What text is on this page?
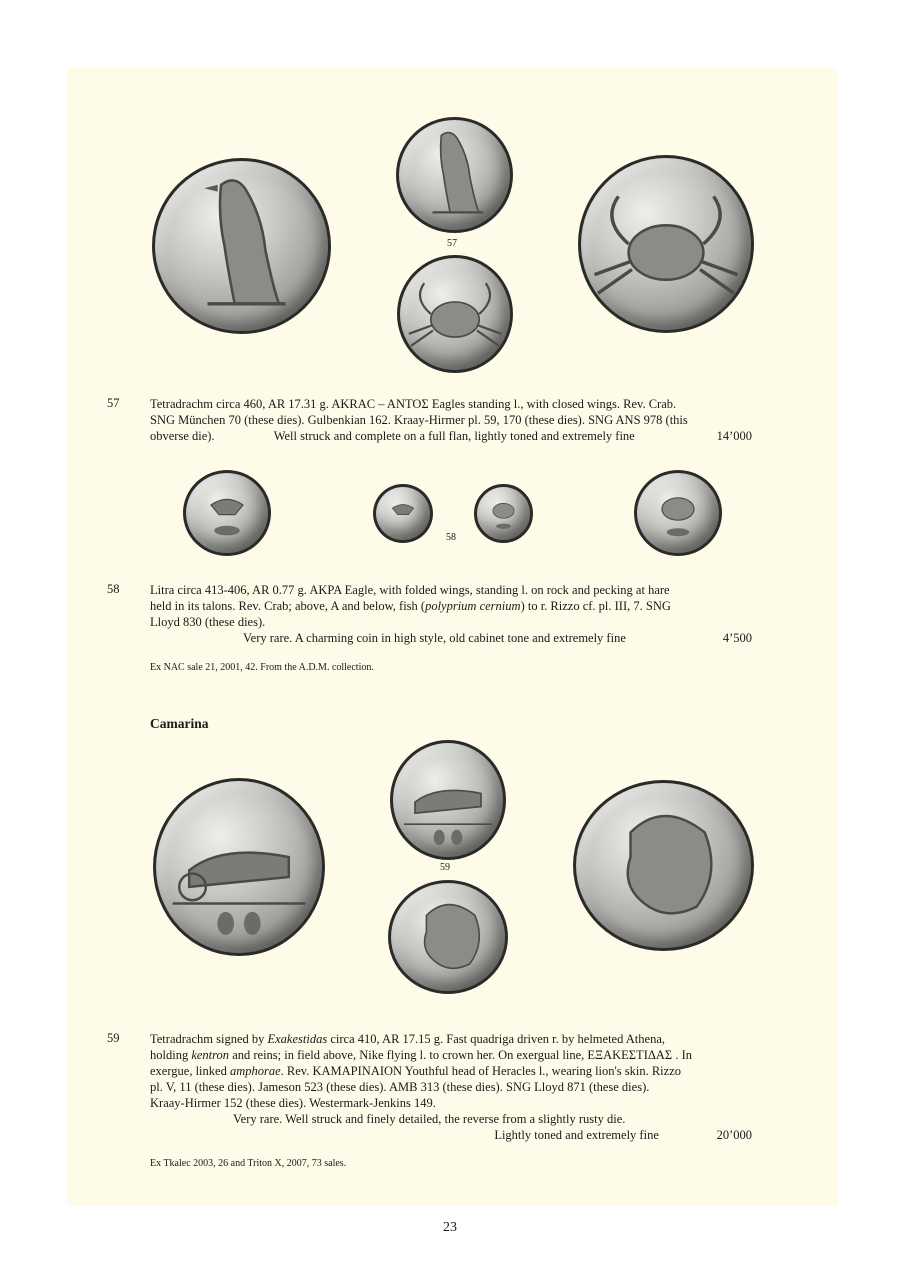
57
57 Tetradrachm circa 460, AR 17.31 g. AKRAC – ANTOΣ Eagles standing l., with closed wings. Rev. Crab.
SNG München 70 (these dies). Gulbenkian 162. Kraay-Hirmer pl. 59, 170 (these dies). SNG ANS 978 (this
obverse die).	Well struck and complete on a full flan, lightly toned and extremely fine	14’000
58
58 Litra circa 413-406, AR 0.77 g. AKPA Eagle, with folded wings, standing l. on rock and pecking at hare
held in its talons. Rev. Crab; above, A and below, fish (polyprium cernium) to r. Rizzo cf. pl. III, 7. SNG
Lloyd 830 (these dies).
Very rare. A charming coin in high style, old cabinet tone and extremely fine	4’500
Ex NAC sale 21, 2001, 42. From the A.D.M. collection.
Camarina
59
59 Tetradrachm signed by Exakestidas circa 410, AR 17.15 g. Fast quadriga driven r. by helmeted Athena,
holding kentron and reins; in field above, Nike flying l. to crown her. On exergual line, ΕΞΑΚΕΣΤΙΔΑΣ . In
exergue, linked amphorae. Rev. KAMAPINAION Youthful head of Heracles l., wearing lion's skin. Rizzo
pl. V, 11 (these dies). Jameson 523 (these dies). AMB 313 (these dies). SNG Lloyd 871 (these dies).
Kraay-Hirmer 152 (these dies). Westermark-Jenkins 149.
Very rare. Well struck and finely detailed, the reverse from a slightly rusty die.
Lightly toned and extremely fine	20’000
Ex Tkalec 2003, 26 and Triton X, 2007, 73 sales.
23
